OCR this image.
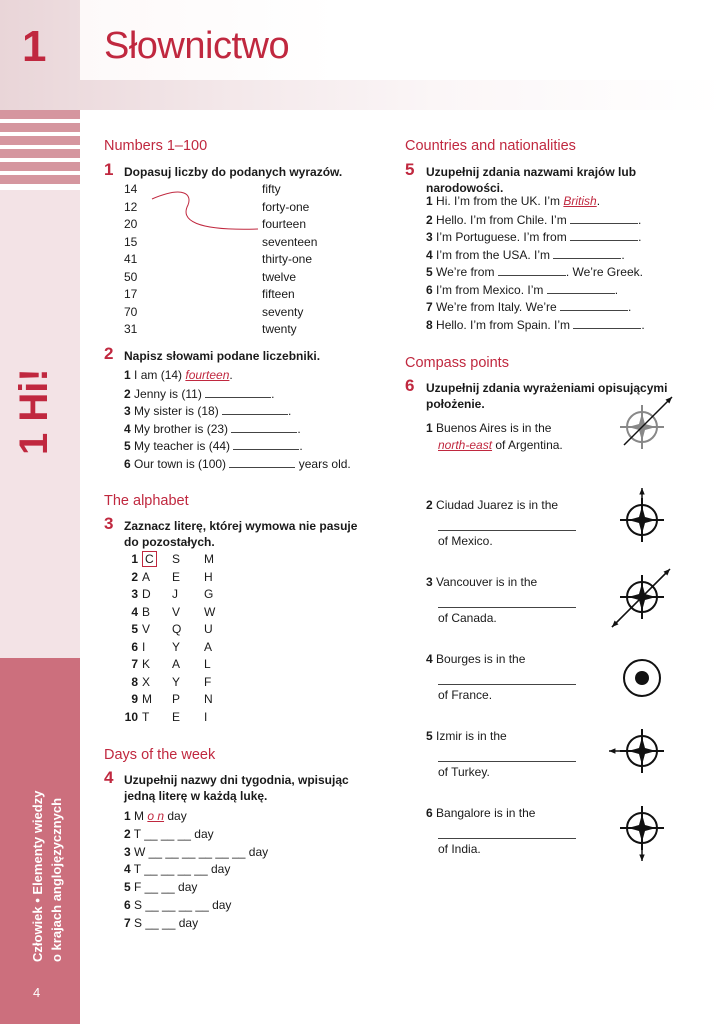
1 Słownictwo
1 Hi!
Człowiek • Elementy wiedzy o krajach anglojęzycznych
4
Numbers 1–100
1 Dopasuj liczby do podanych wyrazów.
2 Napisz słowami podane liczebniki.
The alphabet
3 Zaznacz literę, której wymowa nie pasuje
do pozostałych.
Days of the week
4 Uzupełnij nazwy dni tygodnia, wpisując
jedną literę w każdą lukę.
Countries and nationalities
5 Uzupełnij zdania nazwami krajów lub
narodowości.
Compass points
6 Uzupełnij zdania wyrażeniami opisującymi
położenie.
14	fifty
12	forty-one
20	fourteen
15	seventeen
41	thirty-one
50	twelve
17	fifteen
70	seventy
31	twenty
1 I am (14) fourteen.
2 Jenny is (11)	.
3 My sister is (18)	.
4 My brother is (23)	.
5 My teacher is (44)	.
6 Our town is (100)	years old.
1 C S M
2 A E H
3 D J G
4 B V W
5 V Q U
6 I Y A
7 K A L
8 X Y F
9 M P N
10 T E I
1 M o n day
2 T __ __ __ day
3 W __ __ __ __ __ __ day
4 T __ __ __ __ day
5 F __ __ day
6 S __ __ __ __ day
7 S __ __ day
1 Hi. I’m from the UK. I’m British.
2 Hello. I’m from Chile. I’m	.
3 I’m Portuguese. I’m from	.
4 I’m from the USA. I’m	.
5 We’re from	. We’re Greek.
6 I’m from Mexico. I’m	.
7 We’re from Italy. We’re	.
8 Hello. I’m from Spain. I’m	.
1 Buenos Aires is in the
north-east of Argentina.
2 Ciudad Juarez is in the
of Mexico.
3 Vancouver is in the
of Canada.
4 Bourges is in the
of France.
5 Izmir is in the
of Turkey.
6 Bangalore is in the
of India.
